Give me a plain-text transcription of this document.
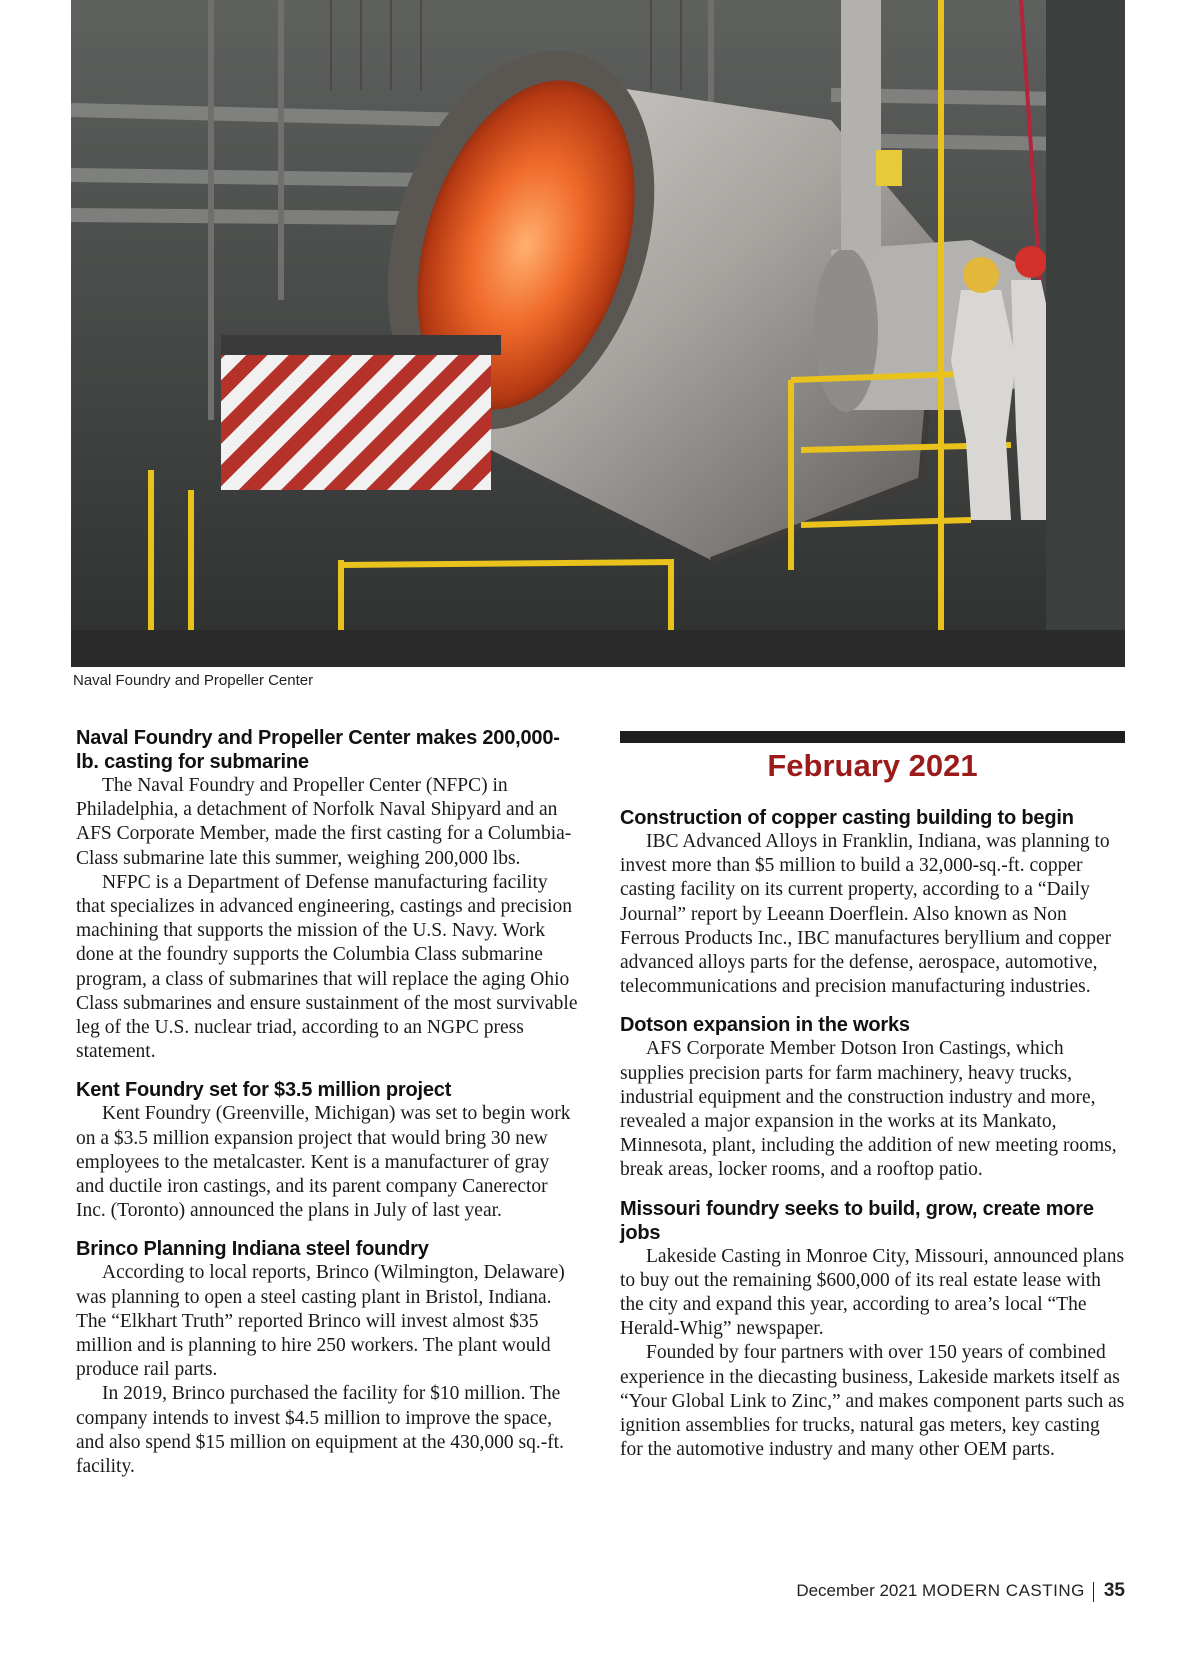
Naval Foundry and Propeller Center
Naval Foundry and Propeller Center makes 200,000-lb. casting for submarine

The Naval Foundry and Propeller Center (NFPC) in Philadelphia, a detachment of Norfolk Naval Shipyard and an AFS Corporate Member, made the first casting for a Columbia-Class submarine late this summer, weighing 200,000 lbs.

NFPC is a Department of Defense manufacturing facility that specializes in advanced engineering, castings and precision machining that supports the mission of the U.S. Navy. Work done at the foundry supports the Columbia Class submarine program, a class of submarines that will replace the aging Ohio Class submarines and ensure sustainment of the most survivable leg of the U.S. nuclear triad, according to an NGPC press statement.

Kent Foundry set for $3.5 million project

Kent Foundry (Greenville, Michigan) was set to begin work on a $3.5 million expansion project that would bring 30 new employees to the metalcaster. Kent is a manufacturer of gray and ductile iron castings, and its parent company Canerector Inc. (Toronto) announced the plans in July of last year.

Brinco Planning Indiana steel foundry

According to local reports, Brinco (Wilmington, Delaware) was planning to open a steel casting plant in Bristol, Indiana. The “Elkhart Truth” reported Brinco will invest almost $35 million and is planning to hire 250 workers. The plant would produce rail parts.

In 2019, Brinco purchased the facility for $10 million. The company intends to invest $4.5 million to improve the space, and also spend $15 million on equipment at the 430,000 sq.-ft. facility.

February 2021
Construction of copper casting building to begin

IBC Advanced Alloys in Franklin, Indiana, was planning to invest more than $5 million to build a 32,000-sq.-ft. copper casting facility on its current property, according to a “Daily Journal” report by Leeann Doerflein. Also known as Non Ferrous Products Inc., IBC manufactures beryllium and copper advanced alloys parts for the defense, aerospace, automotive, telecommunications and precision manufacturing industries.

Dotson expansion in the works

AFS Corporate Member Dotson Iron Castings, which supplies precision parts for farm machinery, heavy trucks, industrial equipment and the construction industry and more, revealed a major expansion in the works at its Mankato, Minnesota, plant, including the addition of new meeting rooms, break areas, locker rooms, and a rooftop patio.

Missouri foundry seeks to build, grow, create more jobs

Lakeside Casting in Monroe City, Missouri, announced plans to buy out the remaining $600,000 of its real estate lease with the city and expand this year, according to area’s local “The Herald-Whig” newspaper.

Founded by four partners with over 150 years of combined experience in the diecasting business, Lakeside markets itself as “Your Global Link to Zinc,” and makes component parts such as ignition assemblies for trucks, natural gas meters, key casting for the automotive industry and many other OEM parts.

December 2021 MODERN CASTING 35
